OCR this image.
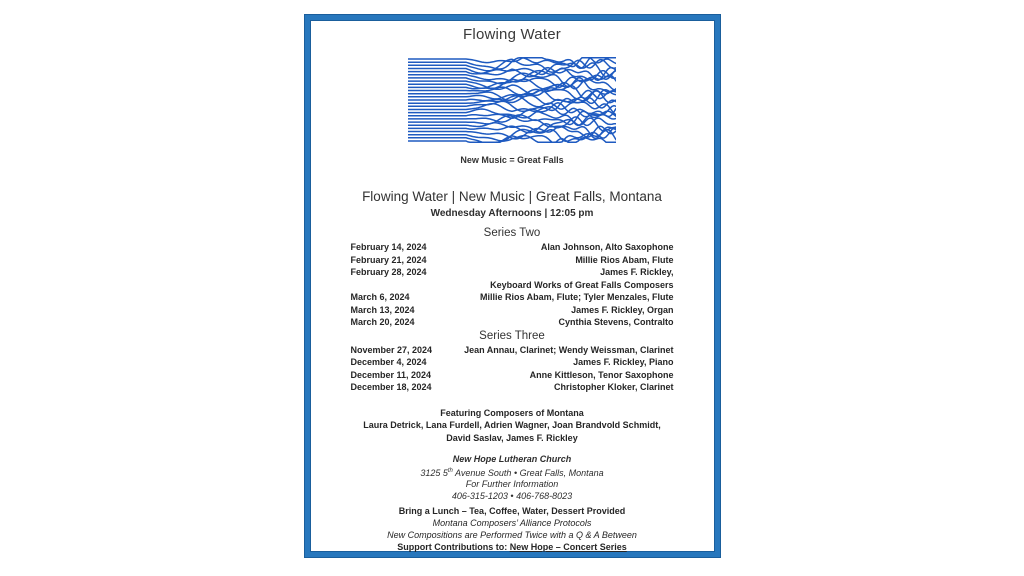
Flowing Water
New Music = Great Falls
Flowing Water | New Music | Great Falls, Montana
Wednesday Afternoons | 12:05 pm
Series Two
February 14, 2024	Alan Johnson, Alto Saxophone
February 21, 2024	Millie Rios Abam, Flute
February 28, 2024	James F. Rickley,
Keyboard Works of Great Falls Composers
March 6, 2024	Millie Rios Abam, Flute; Tyler Menzales, Flute
March 13, 2024	James F. Rickley, Organ
March 20, 2024	Cynthia Stevens, Contralto
Series Three
November 27, 2024	Jean Annau, Clarinet; Wendy Weissman, Clarinet
December 4, 2024	James F. Rickley, Piano
December 11, 2024	Anne Kittleson, Tenor Saxophone
December 18, 2024	Christopher Kloker, Clarinet
Featuring Composers of Montana
Laura Detrick, Lana Furdell, Adrien Wagner, Joan Brandvold Schmidt,
David Saslav, James F. Rickley
New Hope Lutheran Church
3125 5th Avenue South • Great Falls, Montana
For Further Information
406-315-1203 • 406-768-8023
Bring a Lunch – Tea, Coffee, Water, Dessert Provided
Montana Composers’ Alliance Protocols
New Compositions are Performed Twice with a Q & A Between
Support Contributions to: New Hope – Concert Series
